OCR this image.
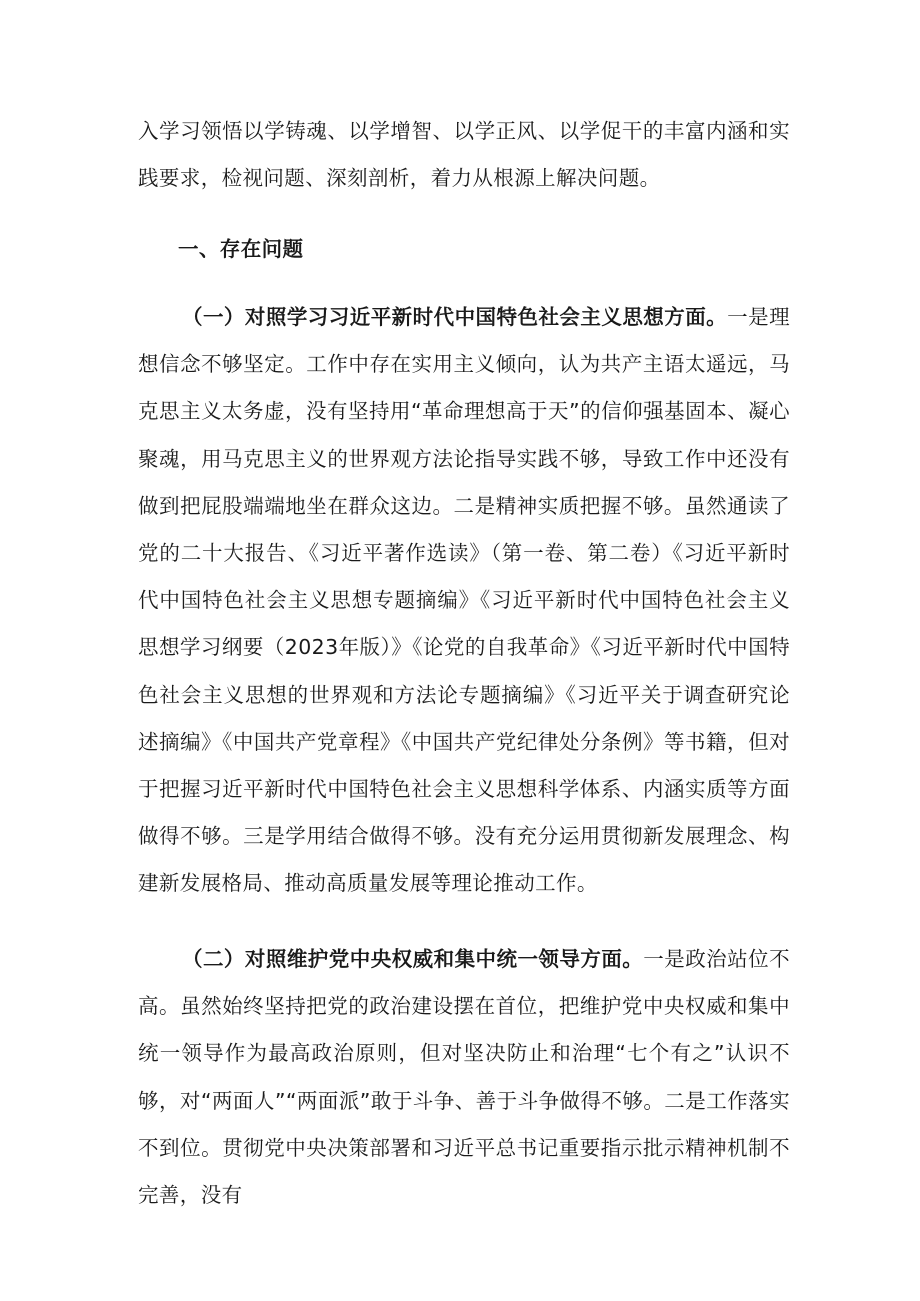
入学习领悟以学铸魂、以学增智、以学正风、以学促干的丰富内涵和实践要求，检视问题、深刻剖析，着力从根源上解决问题。
一、存在问题
（一）对照学习习近平新时代中国特色社会主义思想方面。一是理想信念不够坚定。工作中存在实用主义倾向，认为共产主语太遥远，马克思主义太务虚，没有坚持用“革命理想高于天”的信仰强基固本、凝心聚魂，用马克思主义的世界观方法论指导实践不够，导致工作中还没有做到把屁股端端地坐在群众这边。二是精神实质把握不够。虽然通读了党的二十大报告、《习近平著作选读》（第一卷、第二卷）《习近平新时代中国特色社会主义思想专题摘编》《习近平新时代中国特色社会主义思想学习纲要（2023年版）》《论党的自我革命》《习近平新时代中国特色社会主义思想的世界观和方法论专题摘编》《习近平关于调查研究论述摘编》《中国共产党章程》《中国共产党纪律处分条例》等书籍，但对于把握习近平新时代中国特色社会主义思想科学体系、内涵实质等方面做得不够。三是学用结合做得不够。没有充分运用贯彻新发展理念、构建新发展格局、推动高质量发展等理论推动工作。
（二）对照维护党中央权威和集中统一领导方面。一是政治站位不高。虽然始终坚持把党的政治建设摆在首位，把维护党中央权威和集中统一领导作为最高政治原则，但对坚决防止和治理“七个有之”认识不够，对“两面人”“两面派”敢于斗争、善于斗争做得不够。二是工作落实不到位。贯彻党中央决策部署和习近平总书记重要指示批示精神机制不完善，没有
